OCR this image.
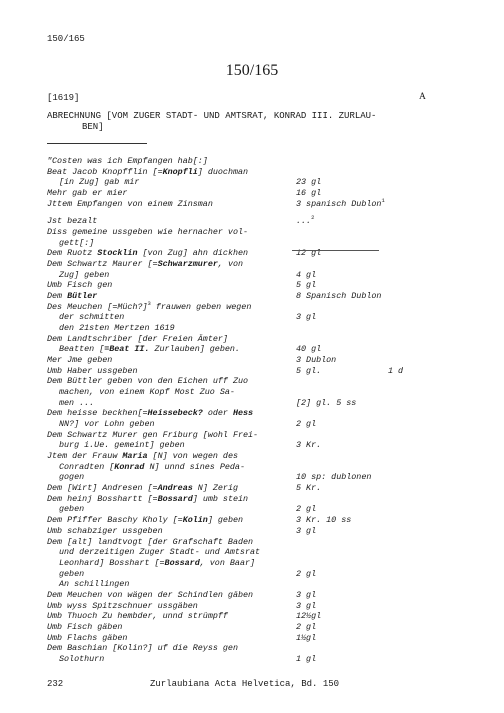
150/165
150/165
[1619]	A
ABRECHNUNG [VOM ZUGER STADT- UND AMTSRAT, KONRAD III. ZURLAU-
BEN]
"Costen was ich Empfangen hab[:]
Beat Jacob Knopfflin [=Knopfli] duochman
[in Zug] gab mir	23 gl
Mehr gab er mier	16 gl
Jttem Empfangen von einem Zinsman	3 spanisch Dublon$^1$
Jst bezalt	...$^2$
Diss gemeine ussgeben wie hernacher vol-
gett[:]
Dem Ruotz Stocklin [von Zug] ahn dickhen	12 gl
Dem Schwartz Maurer [=Schwarzmurer, von
Zug] geben	4 gl
Umb Fisch gen	5 gl
Dem Bütler	8 Spanisch Dublon
Des Meuchen [=Müch?]$^3$ frauwen geben wegen
der schmitten	3 gl
den 21sten Mertzen 1619
Dem Landtschriber [der Freien Ämter]
Beatten [=Beat II. Zurlauben] geben.	40 gl
Mer Jme geben	3 Dublon
Umb Haber ussgeben	5 gl.	1 d
Dem Büttler geben von den Eichen uff Zuo
machen, von einem Kopf Most Zuo Sa-
men ...	[2] gl. 5 ss
Dem heisse beckhen[=Heissebeck? oder Hess
NN?] vor Lohn geben	2 gl
Dem Schwartz Murer gen Friburg [wohl Frei-
burg i.Ue. gemeint] geben	3 Kr.
Jtem der Frauw Maria [N] von wegen des
Conradten [Konrad N] unnd sines Peda-
gogen	10 sp: dublonen
Dem [Wirt] Andresen [=Andreas N] Zerig	5 Kr.
Dem heinj Bosshartt [=Bossard] umb stein
geben	2 gl
Dem Pfiffer Baschy Kholy [=Kolin] geben	3 Kr. 10 ss
Umb schabziger ussgeben	3 gl
Dem [alt] landtvogt [der Grafschaft Baden
und derzeitigen Zuger Stadt- und Amtsrat
Leonhard] Bosshart [=Bossard, von Baar]
geben	2 gl
An schillingen
Dem Meuchen von wägen der Schindlen gäben	3 gl
Umb wyss Spitzschnuer ussgäben	3 gl
Umb Thuoch Zu hembder, unnd strümpff	12½gl
Umb Fisch gäben	2 gl
Umb Flachs gäben	1½gl
Dem Baschian [Kolin?] uf die Reyss gen
Solothurn	1 gl
232	Zurlaubiana Acta Helvetica, Bd. 150
